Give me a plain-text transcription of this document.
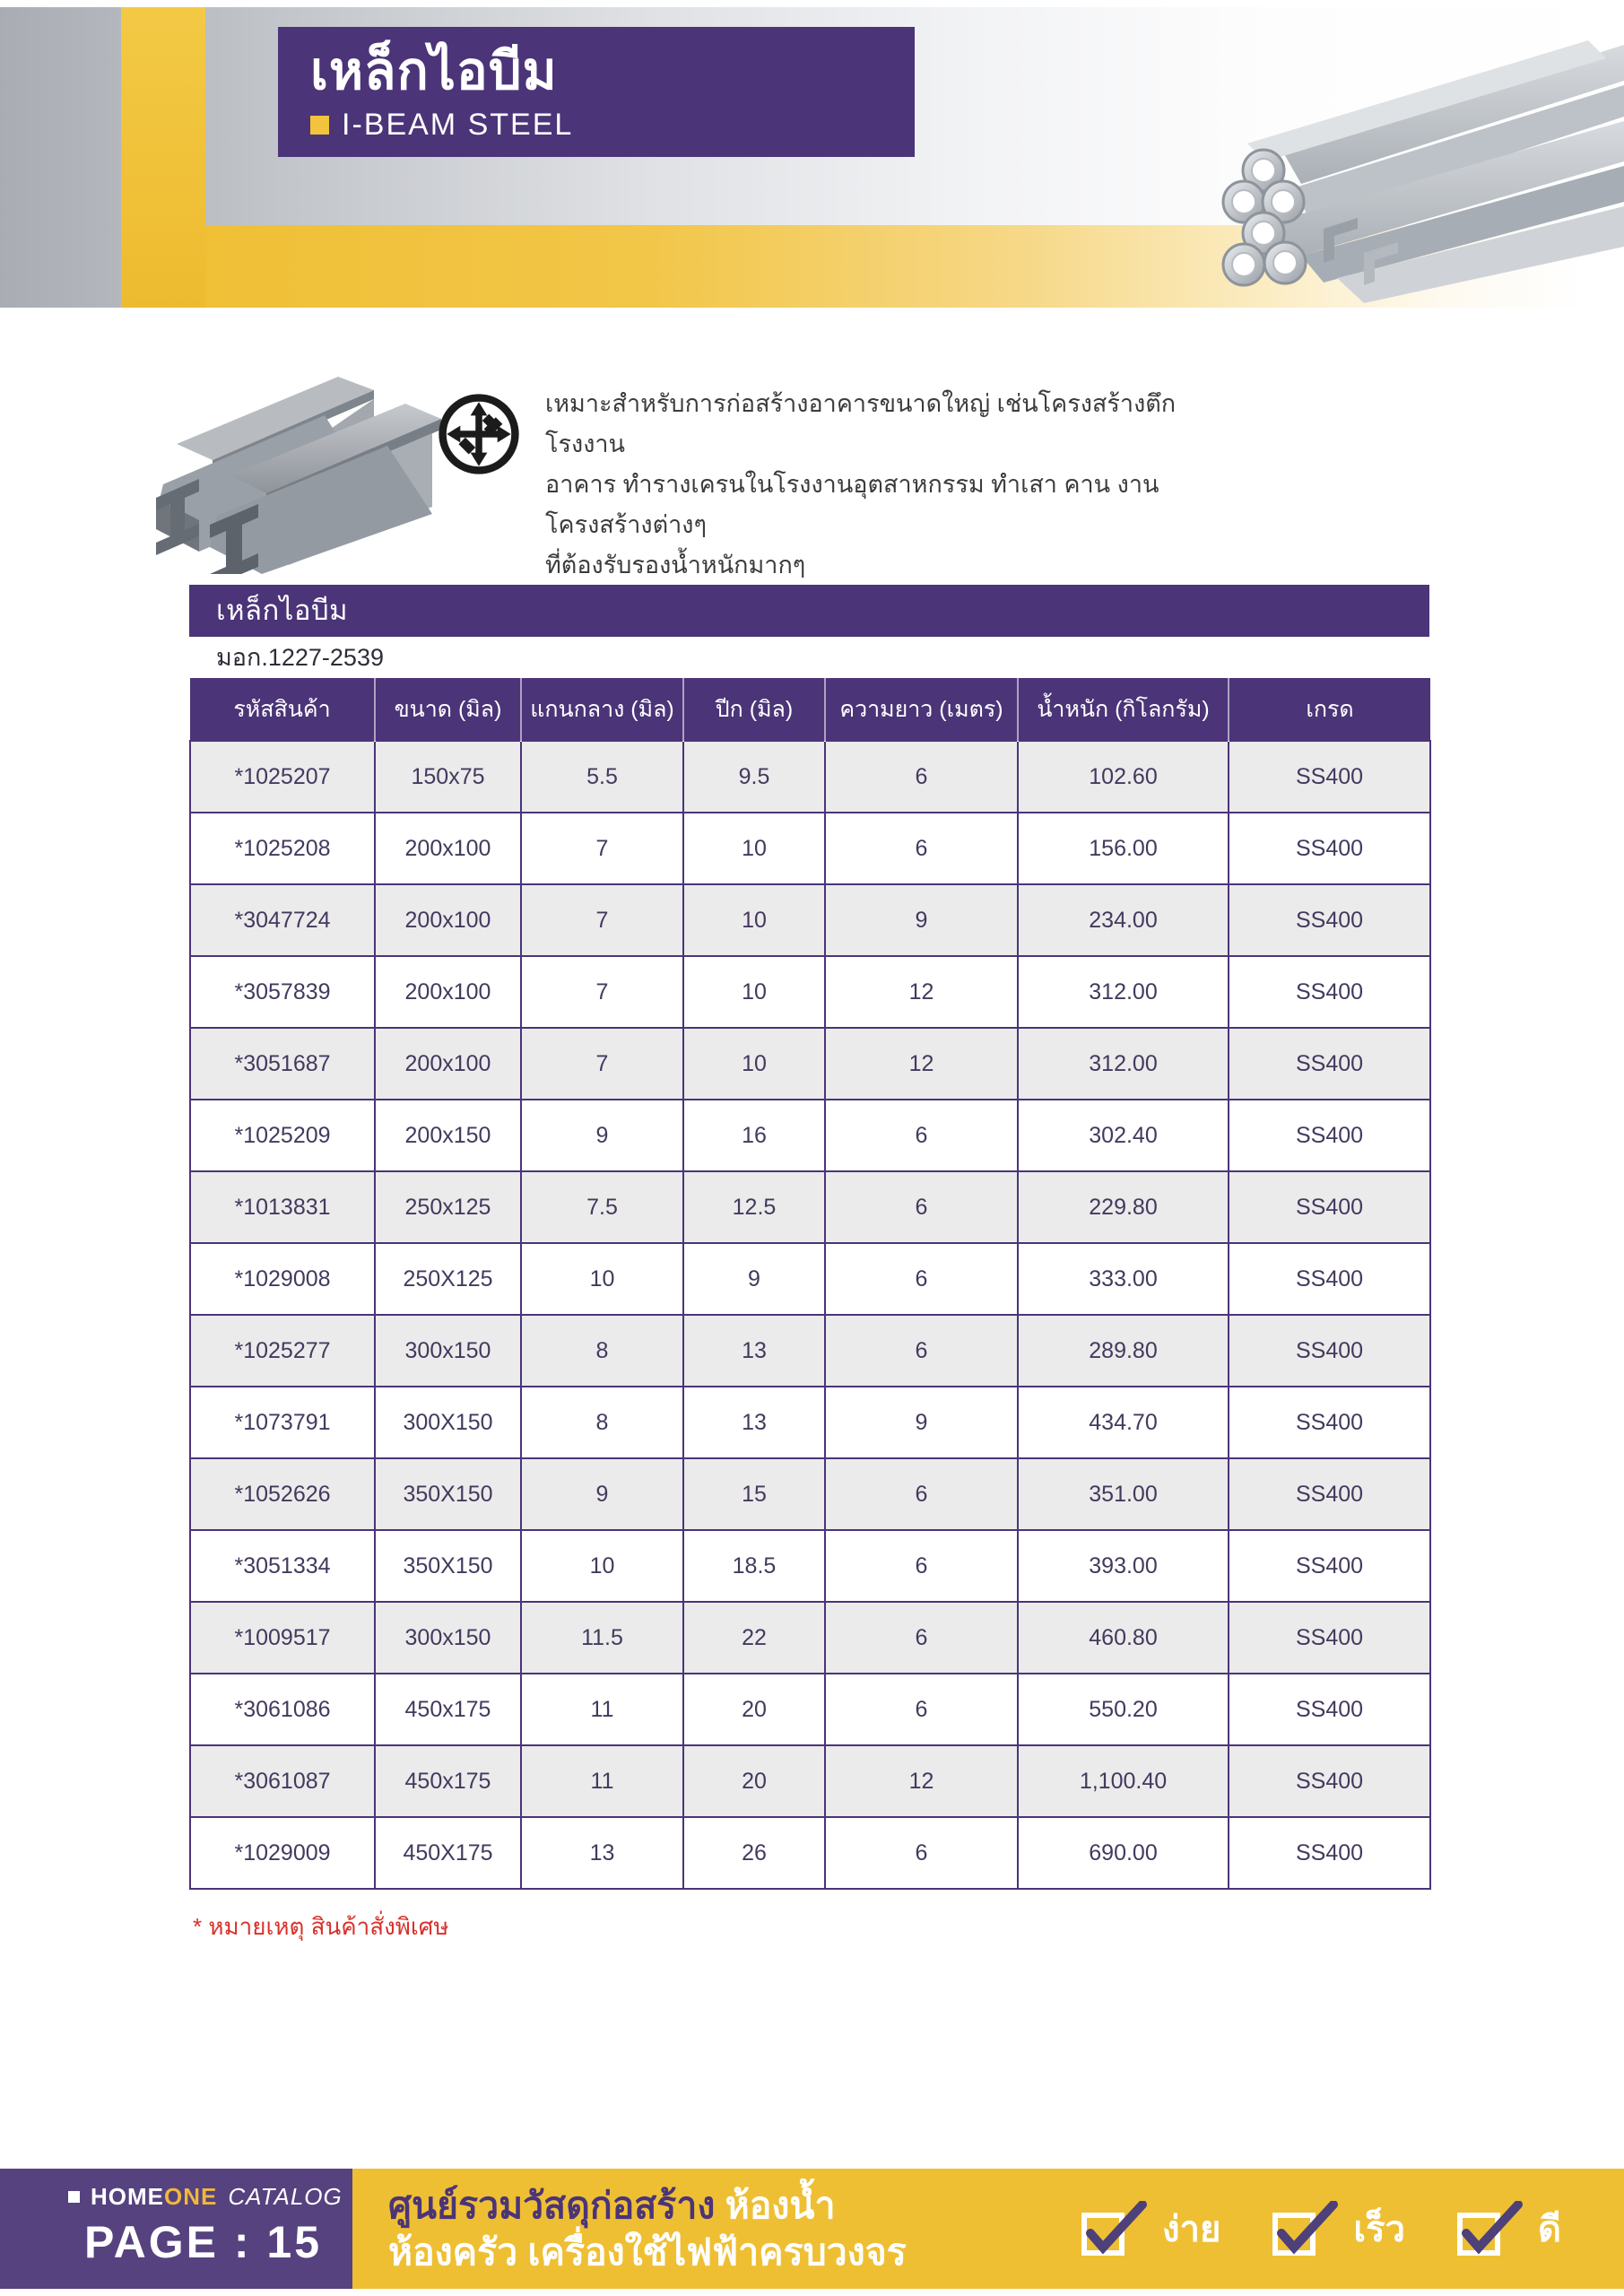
เหล็กไอบีม
I-BEAM STEEL
เหมาะสำหรับการก่อสร้างอาคารขนาดใหญ่ เช่นโครงสร้างตึก โรงงาน
อาคาร ทำรางเครนในโรงงานอุตสาหกรรม ทำเสา คาน งานโครงสร้างต่างๆ
ที่ต้องรับรองน้ำหนักมากๆ
เหล็กไอบีม
มอก.1227-2539
รหัสสินค้า	ขนาด (มิล)	แกนกลาง (มิล)	ปีก (มิล)	ความยาว (เมตร)	น้ำหนัก (กิโลกรัม)	เกรด
*1025207	150x75	5.5	9.5	6	102.60	SS400
*1025208	200x100	7	10	6	156.00	SS400
*3047724	200x100	7	10	9	234.00	SS400
*3057839	200x100	7	10	12	312.00	SS400
*3051687	200x100	7	10	12	312.00	SS400
*1025209	200x150	9	16	6	302.40	SS400
*1013831	250x125	7.5	12.5	6	229.80	SS400
*1029008	250X125	10	9	6	333.00	SS400
*1025277	300x150	8	13	6	289.80	SS400
*1073791	300X150	8	13	9	434.70	SS400
*1052626	350X150	9	15	6	351.00	SS400
*3051334	350X150	10	18.5	6	393.00	SS400
*1009517	300x150	11.5	22	6	460.80	SS400
*3061086	450x175	11	20	6	550.20	SS400
*3061087	450x175	11	20	12	1,100.40	SS400
*1029009	450X175	13	26	6	690.00	SS400
* หมายเหตุ สินค้าสั่งพิเศษ
HOME ONE CATALOG
PAGE : 15
ศูนย์รวมวัสดุก่อสร้าง ห้องน้ำ
ห้องครัว เครื่องใช้ไฟฟ้าครบวงจร
ง่าย	เร็ว	ดี
